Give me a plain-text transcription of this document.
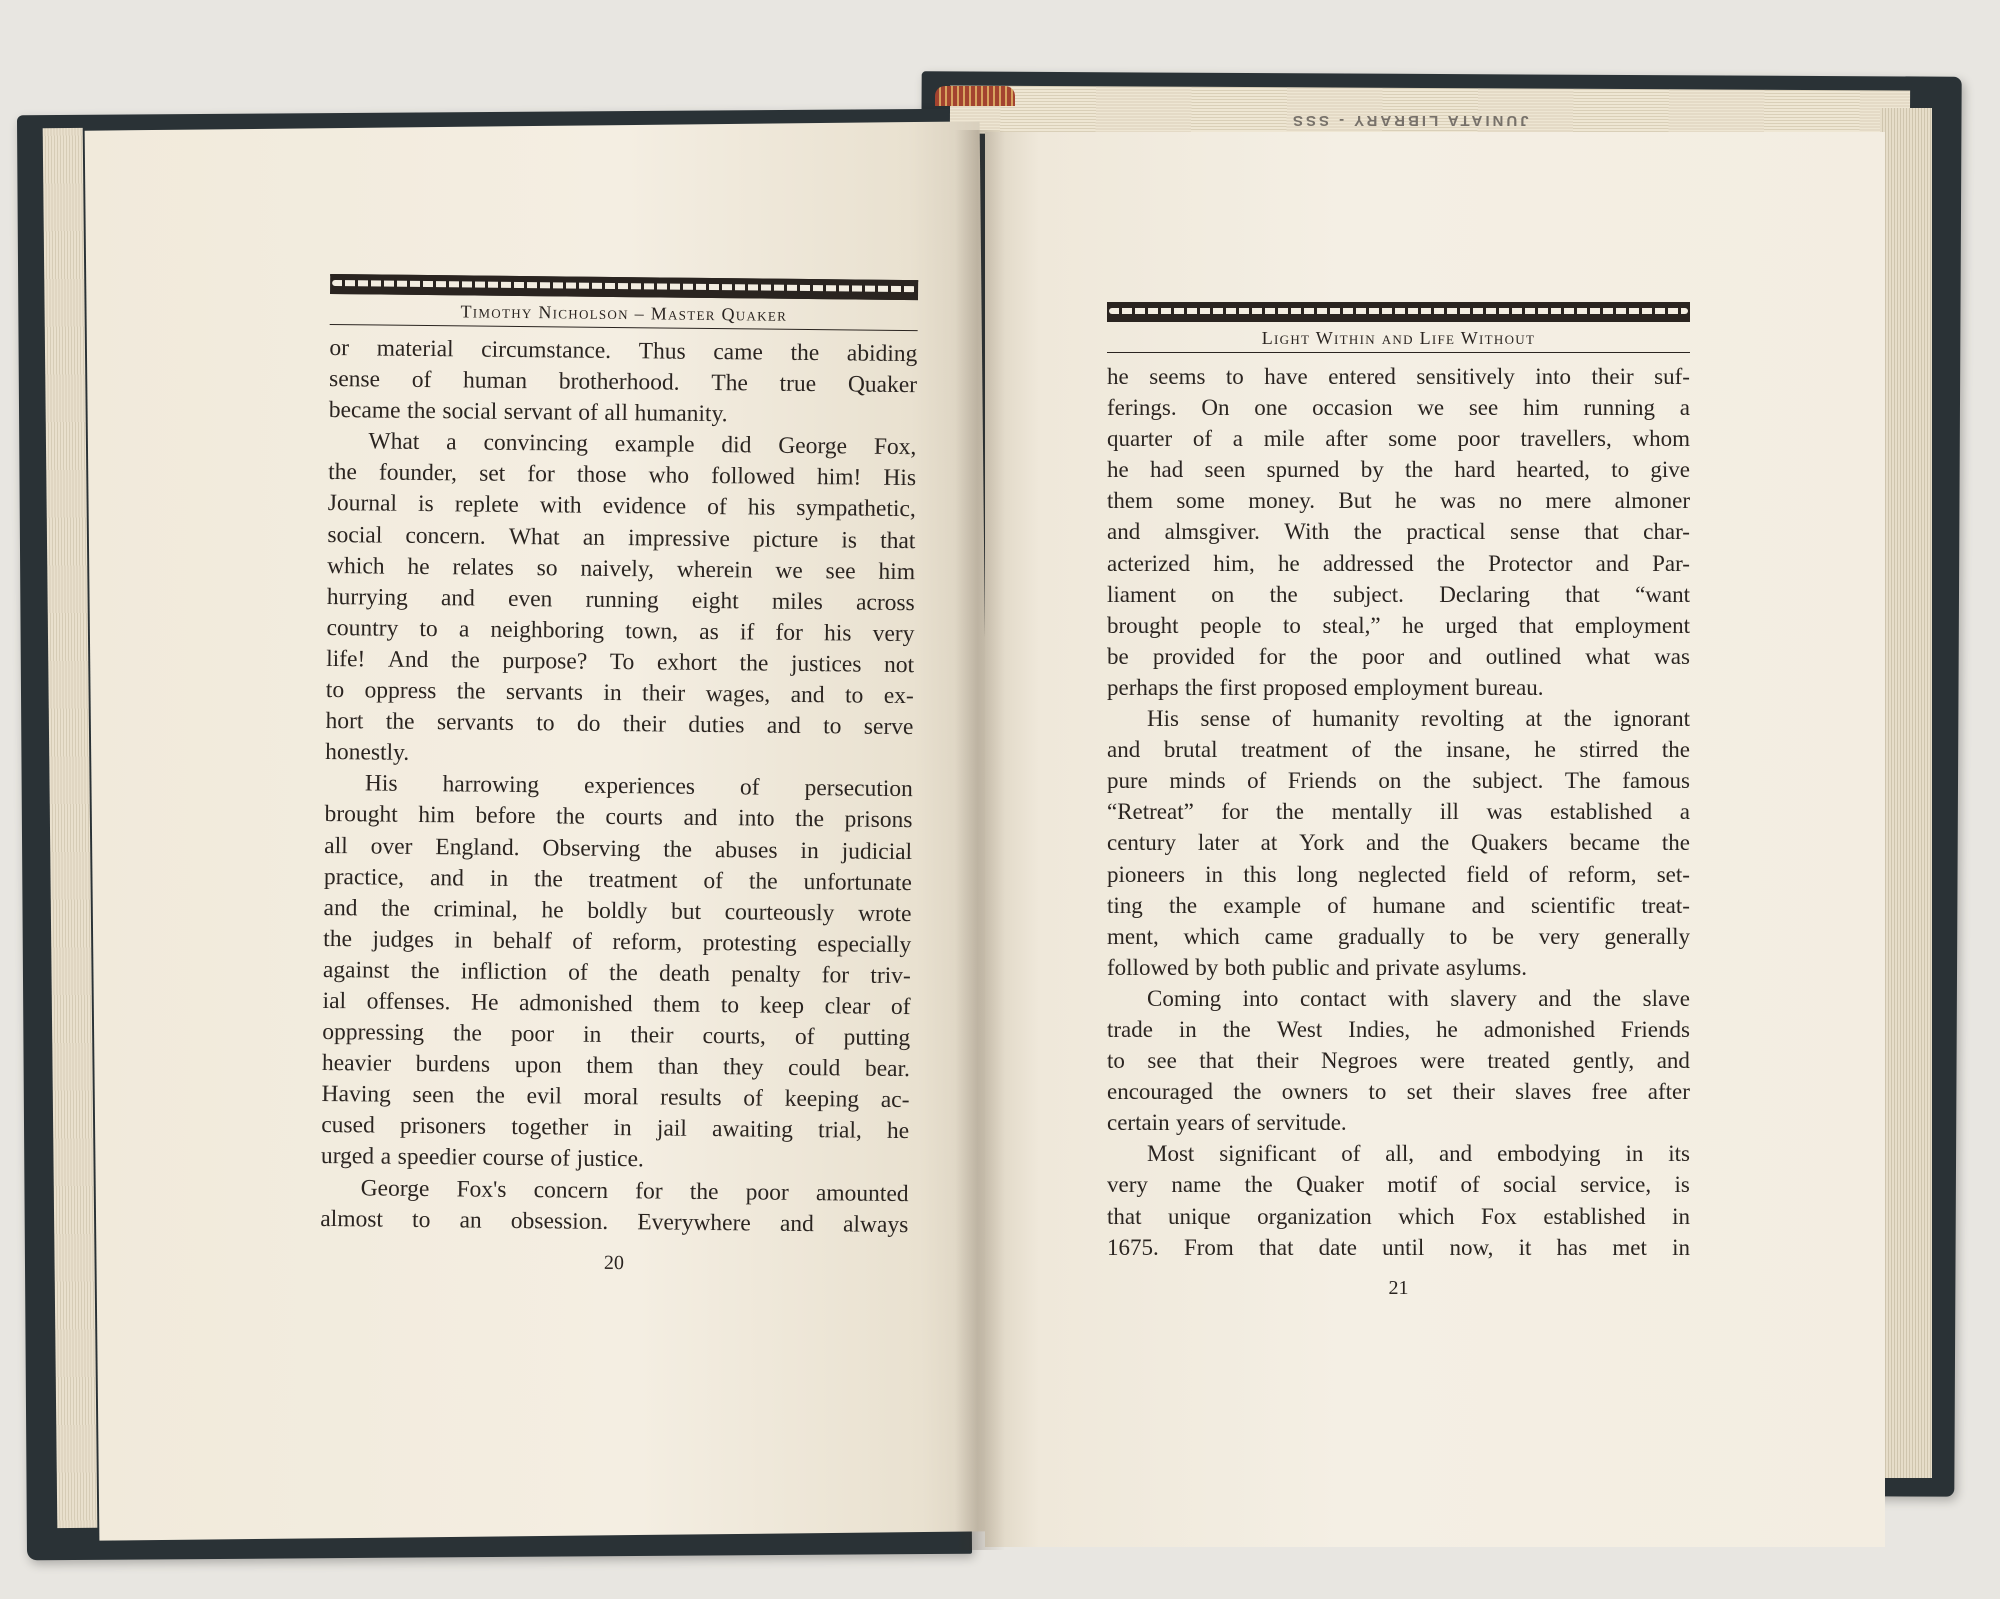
JUNIATA LIBRARY - SSS
Timothy Nicholson – Master Quaker
or material circumstance. Thus came the abiding
sense of human brotherhood. The true Quaker
became the social servant of all humanity.
What a convincing example did George Fox,
the founder, set for those who followed him! His
Journal is replete with evidence of his sympathetic,
social concern. What an impressive picture is that
which he relates so naively, wherein we see him
hurrying and even running eight miles across
country to a neighboring town, as if for his very
life! And the purpose? To exhort the justices not
to oppress the servants in their wages, and to ex-
hort the servants to do their duties and to serve
honestly.
His harrowing experiences of persecution
brought him before the courts and into the prisons
all over England. Observing the abuses in judicial
practice, and in the treatment of the unfortunate
and the criminal, he boldly but courteously wrote
the judges in behalf of reform, protesting especially
against the infliction of the death penalty for triv-
ial offenses. He admonished them to keep clear of
oppressing the poor in their courts, of putting
heavier burdens upon them than they could bear.
Having seen the evil moral results of keeping ac-
cused prisoners together in jail awaiting trial, he
urged a speedier course of justice.
George Fox's concern for the poor amounted
almost to an obsession. Everywhere and always
20
Light Within and Life Without
he seems to have entered sensitively into their suf-
ferings. On one occasion we see him running a
quarter of a mile after some poor travellers, whom
he had seen spurned by the hard hearted, to give
them some money. But he was no mere almoner
and almsgiver. With the practical sense that char-
acterized him, he addressed the Protector and Par-
liament on the subject. Declaring that “want
brought people to steal,” he urged that employment
be provided for the poor and outlined what was
perhaps the first proposed employment bureau.
His sense of humanity revolting at the ignorant
and brutal treatment of the insane, he stirred the
pure minds of Friends on the subject. The famous
“Retreat” for the mentally ill was established a
century later at York and the Quakers became the
pioneers in this long neglected field of reform, set-
ting the example of humane and scientific treat-
ment, which came gradually to be very generally
followed by both public and private asylums.
Coming into contact with slavery and the slave
trade in the West Indies, he admonished Friends
to see that their Negroes were treated gently, and
encouraged the owners to set their slaves free after
certain years of servitude.
Most significant of all, and embodying in its
very name the Quaker motif of social service, is
that unique organization which Fox established in
1675. From that date until now, it has met in
21
